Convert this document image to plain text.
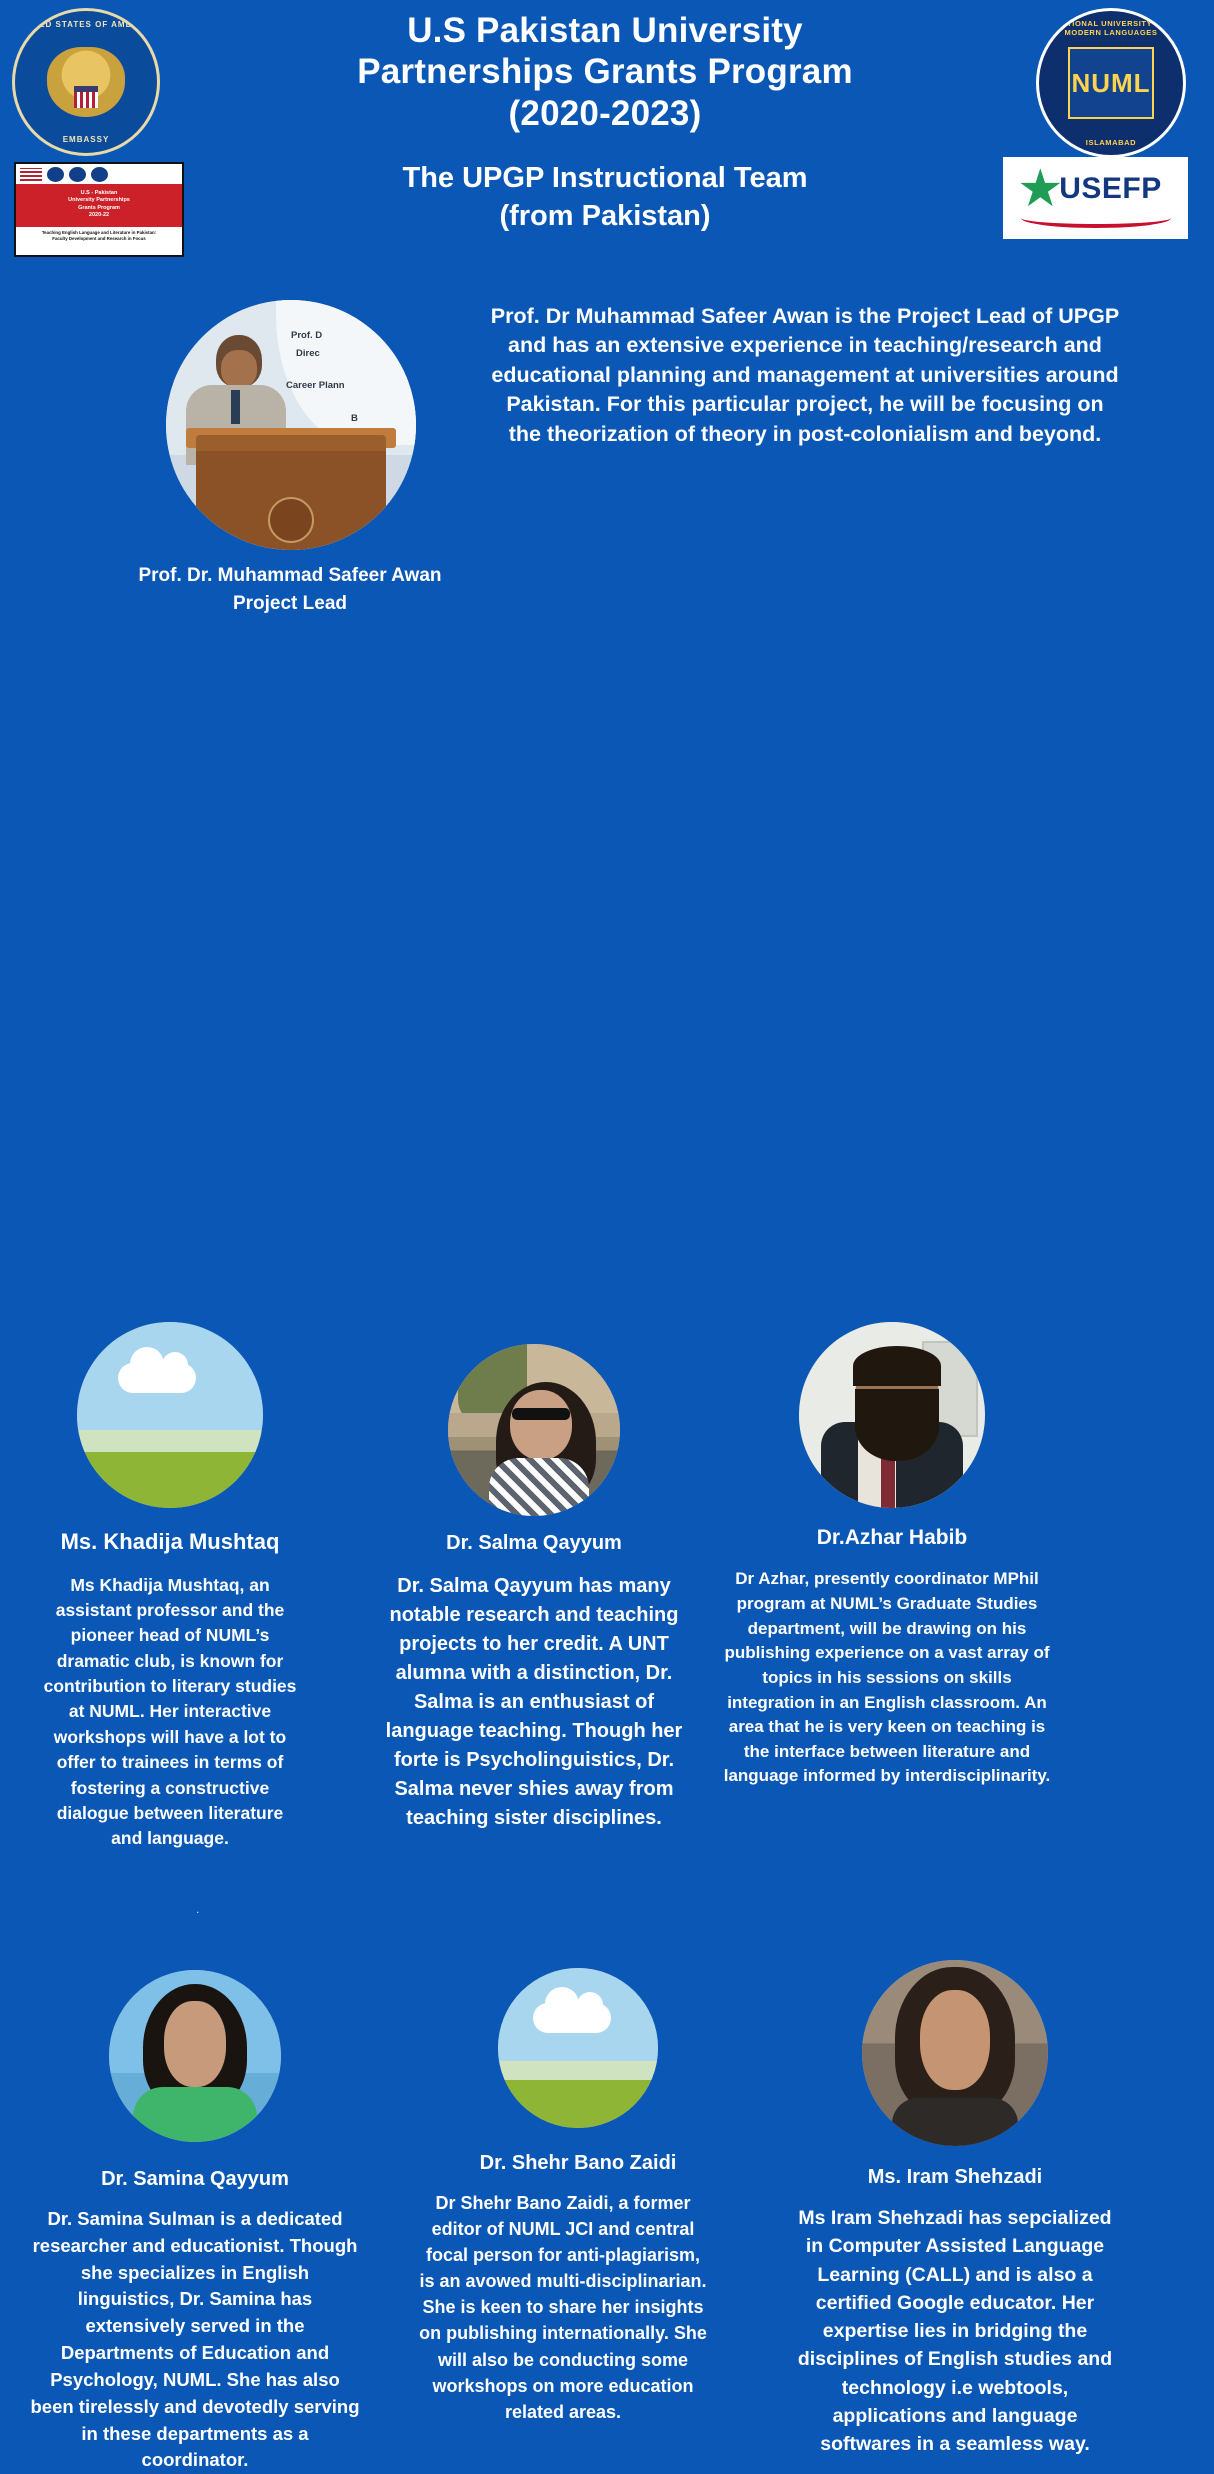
UNITED STATES OF AMERICA
EMBASSY
U.S - Pakistan
University Partnerships
Grants Program
2020-22
Teaching English Language and Literature in Pakistan:
Faculty Development and Research in Focus
U.S Pakistan University
Partnerships Grants Program
(2020-2023)
The UPGP Instructional Team
(from Pakistan)
NATIONAL UNIVERSITY OF MODERN LANGUAGES
NUML
ISLAMABAD
★
USEFP
Prof. D
Direc
Career Plann
B
Prof. Dr. Muhammad Safeer Awan
Project Lead
Prof. Dr Muhammad Safeer Awan is the Project Lead of UPGP and has an extensive experience in teaching/research and educational planning and management at universities around Pakistan. For this particular project, he will be focusing on the theorization of theory in post-colonialism and beyond.
Ms. Khadija Mushtaq
Ms Khadija Mushtaq, an assistant professor and the pioneer head of NUML’s dramatic club, is known for contribution to literary studies at NUML. Her interactive workshops will have a lot to offer to trainees in terms of fostering a constructive dialogue between literature and language.
Dr. Salma Qayyum
Dr. Salma Qayyum has many notable research and teaching projects to her credit. A UNT alumna with a distinction, Dr. Salma is an enthusiast of language teaching. Though her forte is Psycholinguistics, Dr. Salma never shies away from teaching sister disciplines.
Dr.Azhar Habib
Dr Azhar, presently coordinator MPhil program at NUML’s Graduate Studies department, will be drawing on his publishing experience on a vast array of topics in his sessions on skills integration in an English classroom. An area that he is very keen on teaching is the interface between literature and language informed by interdisciplinarity.
Dr. Samina Qayyum
Dr. Samina Sulman is a dedicated researcher and educationist. Though she specializes in English linguistics, Dr. Samina has extensively served in the Departments of Education and Psychology, NUML. She has also been tirelessly and devotedly serving in these departments as a coordinator.
Dr. Shehr Bano Zaidi
Dr Shehr Bano Zaidi, a former editor of NUML JCI and central focal person for anti-plagiarism, is an avowed multi-disciplinarian. She is keen to share her insights on publishing internationally. She will also be conducting some workshops on more education related areas.
Ms. Iram Shehzadi
Ms Iram Shehzadi has sepcialized in Computer Assisted Language Learning (CALL) and is also a certified Google educator. Her expertise lies in bridging the disciplines of English studies and technology i.e webtools, applications and language softwares in a seamless way.
.
